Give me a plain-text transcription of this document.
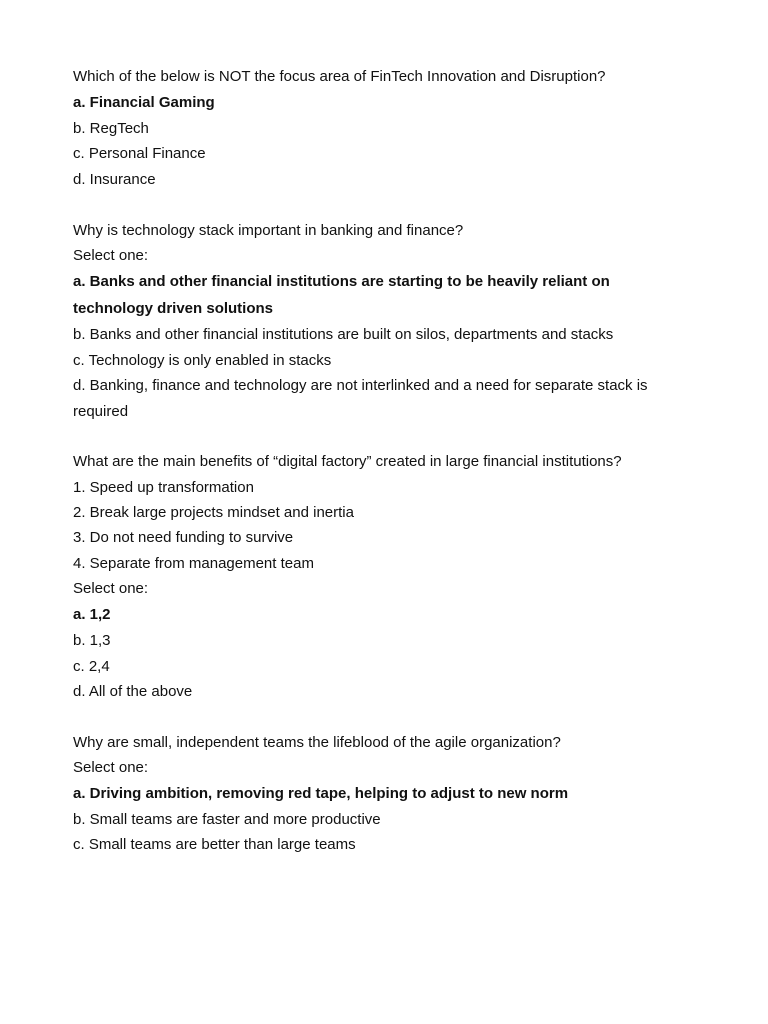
Which of the below is NOT the focus area of FinTech Innovation and Disruption?

a. Financial Gaming

b. RegTech

c. Personal Finance

d. Insurance

Why is technology stack important in banking and finance?

Select one:

a. Banks and other financial institutions are starting to be heavily reliant on

technology driven solutions

b. Banks and other financial institutions are built on silos, departments and stacks

c. Technology is only enabled in stacks

d. Banking, finance and technology are not interlinked and a need for separate stack is

required

What are the main benefits of “digital factory” created in large financial institutions?

1. Speed up transformation

2. Break large projects mindset and inertia

3. Do not need funding to survive

4. Separate from management team

Select one:

a. 1,2

b. 1,3

c. 2,4

d. All of the above

Why are small, independent teams the lifeblood of the agile organization?

Select one:

a. Driving ambition, removing red tape, helping to adjust to new norm

b. Small teams are faster and more productive

c. Small teams are better than large teams
